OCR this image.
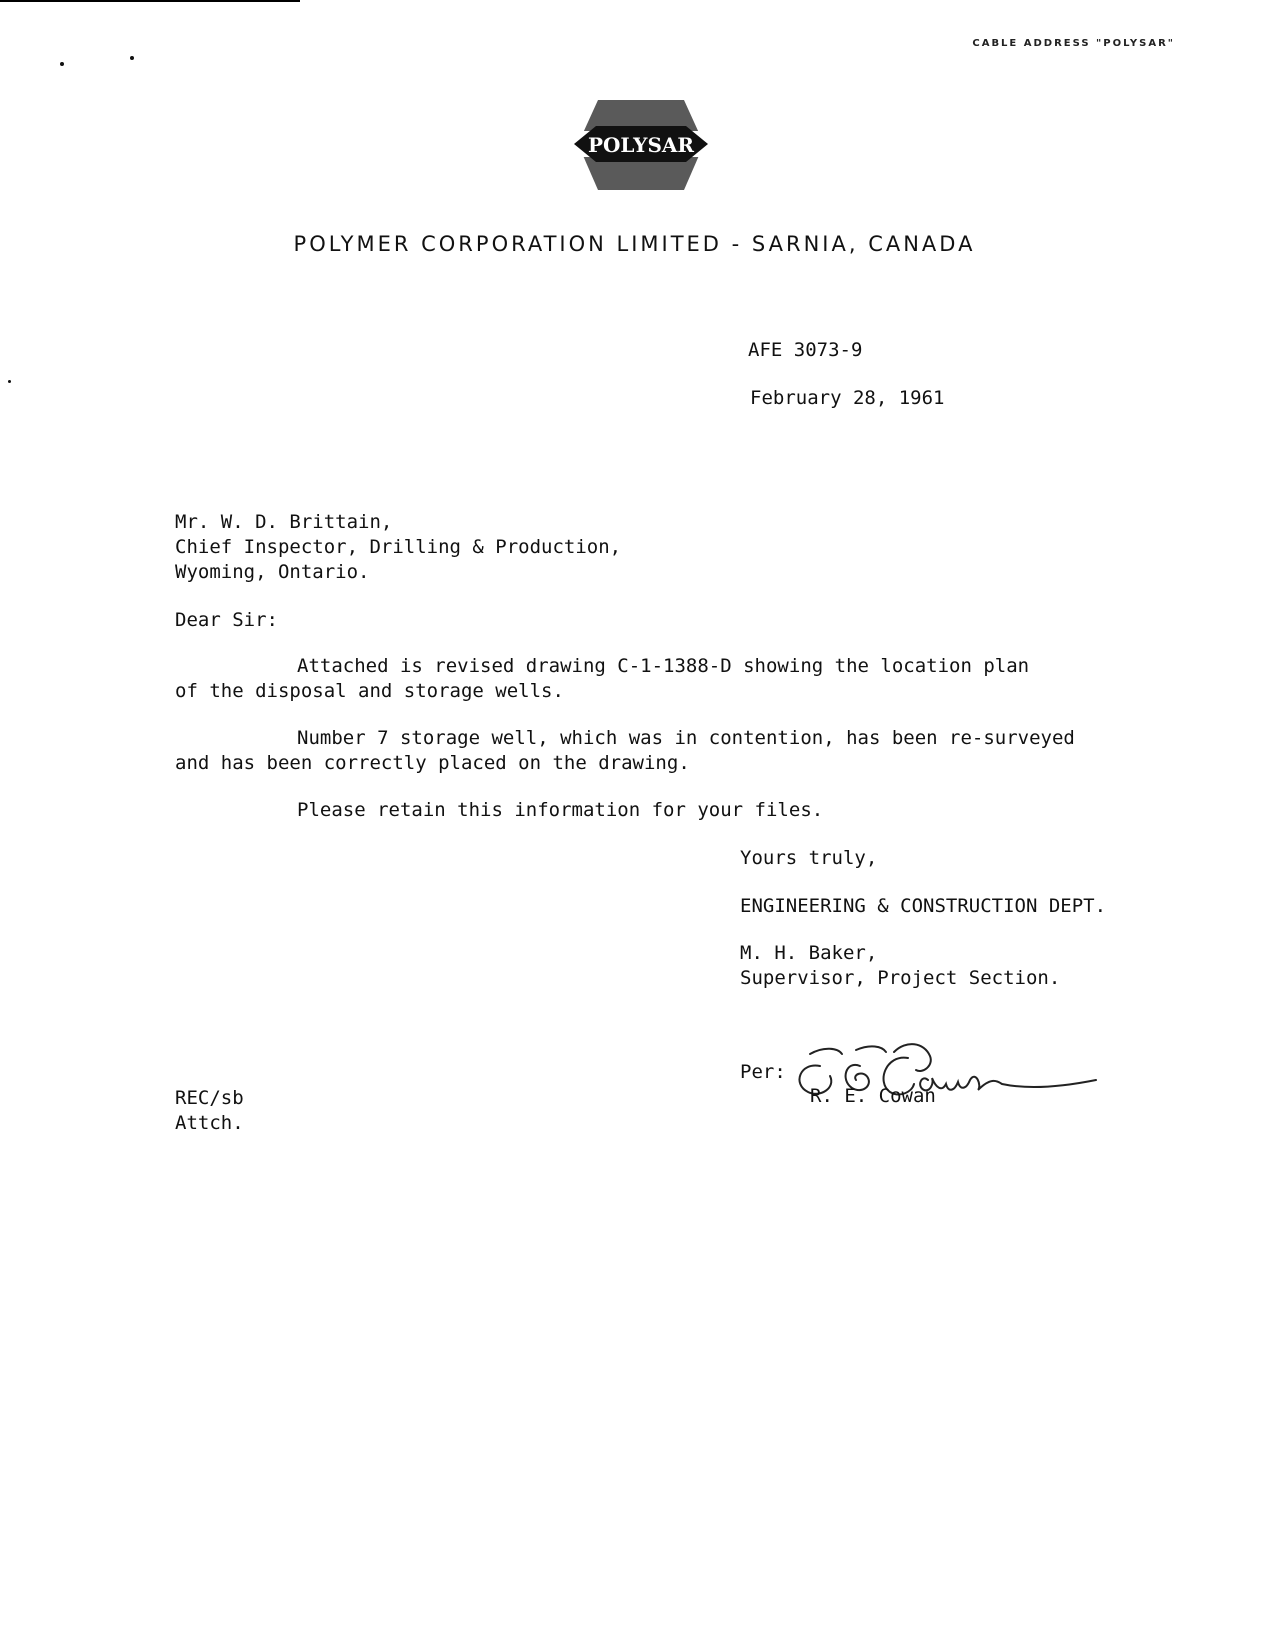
CABLE ADDRESS "POLYSAR"
POLYSAR
POLYMER CORPORATION LIMITED - SARNIA, CANADA
AFE 3073-9
February 28, 1961
Mr. W. D. Brittain,
Chief Inspector, Drilling & Production,
Wyoming, Ontario.
Dear Sir:
Attached is revised drawing C-1-1388-D showing the location plan
of the disposal and storage wells.
Number 7 storage well, which was in contention, has been re-surveyed
and has been correctly placed on the drawing.
Please retain this information for your files.
Yours truly,
ENGINEERING & CONSTRUCTION DEPT.
M. H. Baker,
Supervisor, Project Section.
Per:
R. E. Cowan
REC/sb
Attch.
